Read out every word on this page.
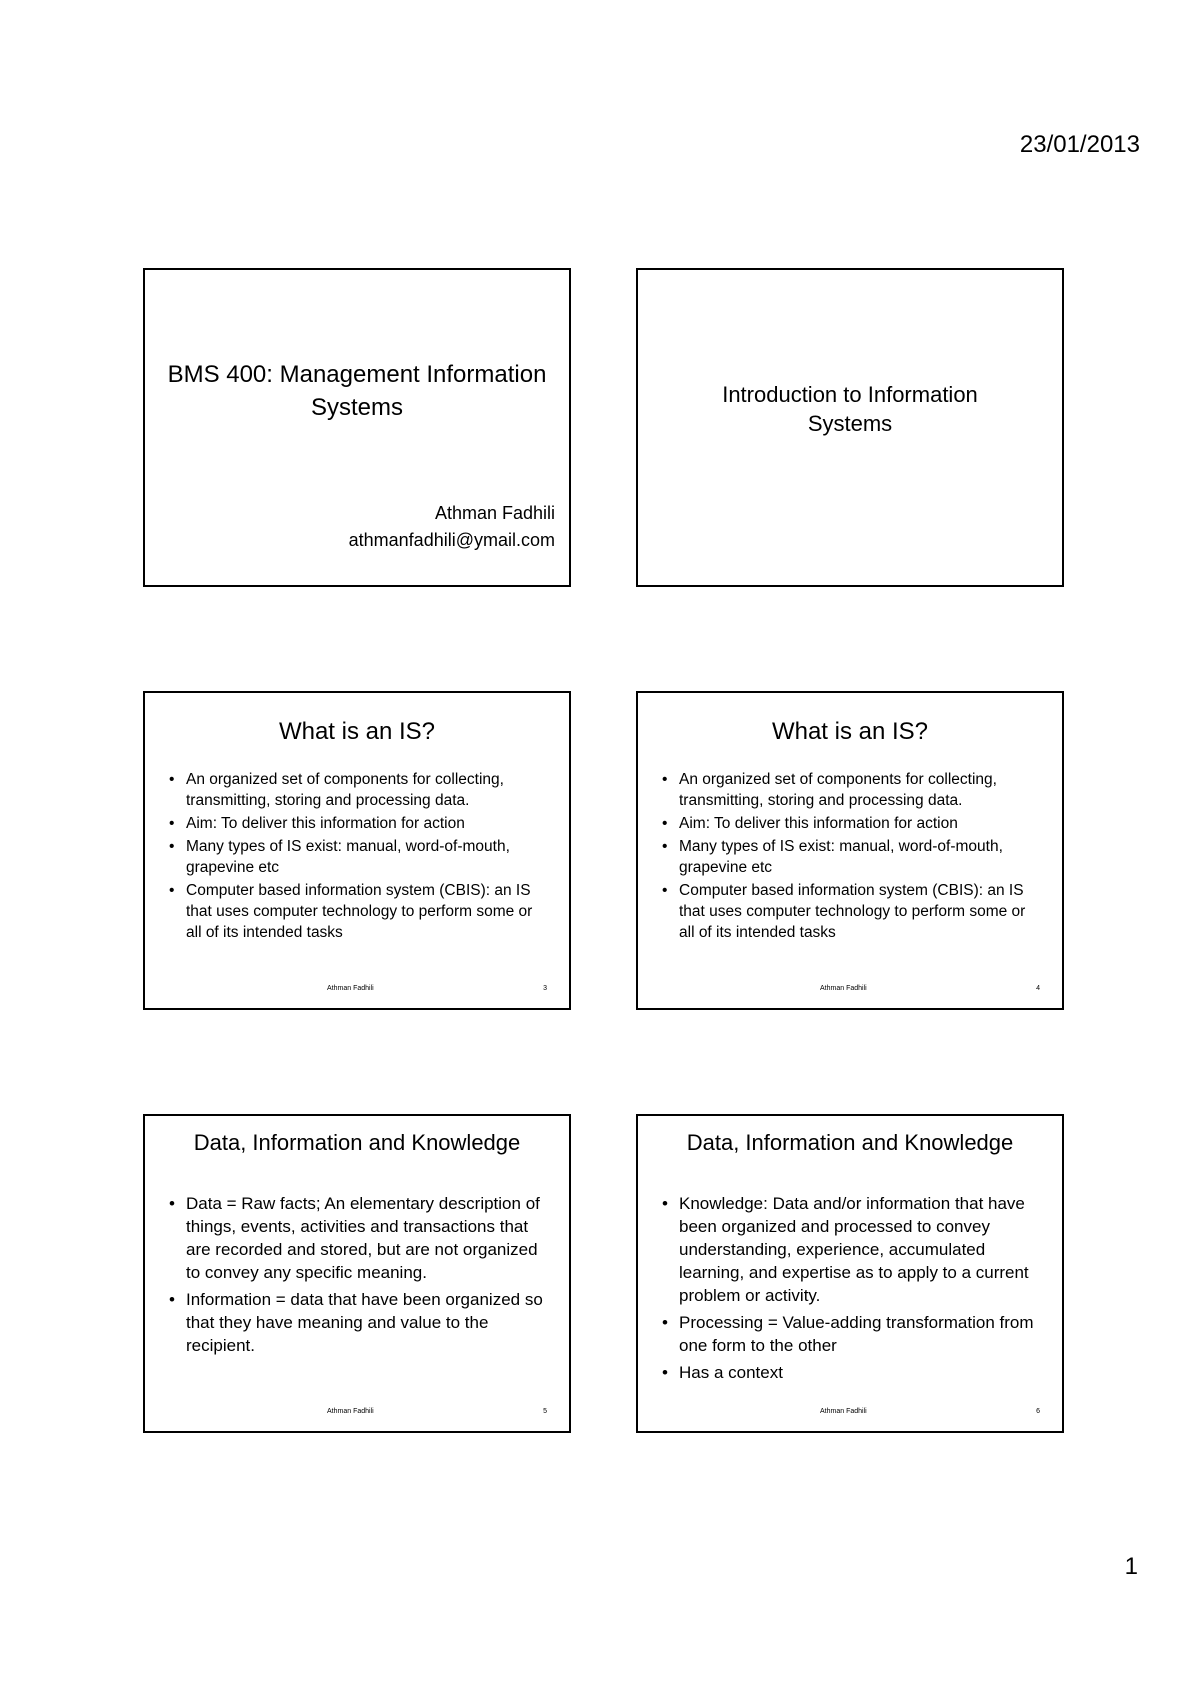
23/01/2013
BMS 400: Management Information
Systems
Athman Fadhili
athmanfadhili@ymail.com
Introduction to Information
Systems
What is an IS?
• An organized set of components for collecting, transmitting, storing and processing data.
• Aim: To deliver this information for action
• Many types of IS exist: manual, word-of-mouth, grapevine etc
• Computer based information system (CBIS): an IS that uses computer technology to perform some or all of its intended tasks
Athman Fadhili	3
What is an IS?
• An organized set of components for collecting, transmitting, storing and processing data.
• Aim: To deliver this information for action
• Many types of IS exist: manual, word-of-mouth, grapevine etc
• Computer based information system (CBIS): an IS that uses computer technology to perform some or all of its intended tasks
Athman Fadhili	4
Data, Information and Knowledge
• Data = Raw facts; An elementary description of things, events, activities and transactions that are recorded and stored, but are not organized to convey any specific meaning.
• Information = data that have been organized so that they have meaning and value to the recipient.
Athman Fadhili	5
Data, Information and Knowledge
• Knowledge: Data and/or information that have been organized and processed to convey understanding, experience, accumulated learning, and expertise as to apply to a current problem or activity.
• Processing = Value-adding transformation from one form to the other
• Has a context
Athman Fadhili	6
1
